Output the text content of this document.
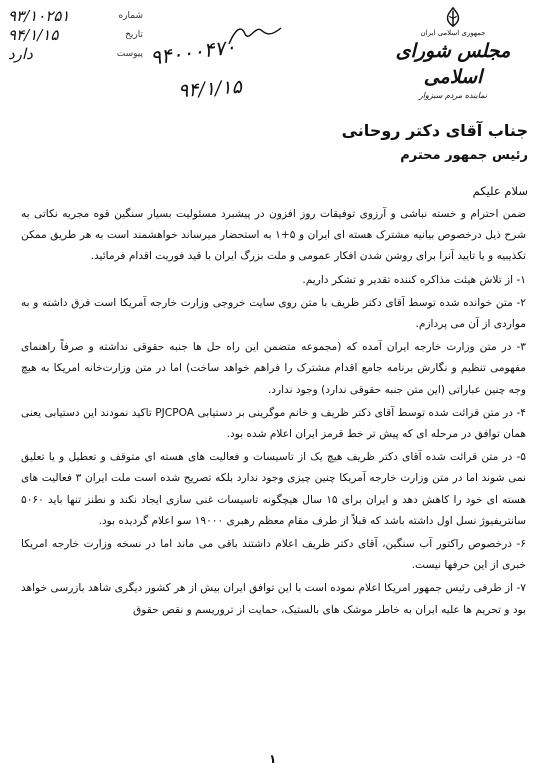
جمهوری اسلامی ایران
مجلس شورای اسلامی
نماینده مردم سبزوار
شماره
۹۳/۱۰۲۵۱
تاریخ
۹۴/۱/۱۵
پیوست
دارد	۹۴۰۰۰۴۷۰
۹۴/۱/۱۵
جناب آقای دکتر روحانی
رئیس جمهور محترم
سلام علیکم

ضمن احترام و خسته نباشی و آرزوی توفیقات روز افزون در پیشبرد مسئولیت بسیار سنگین قوه مجریه نکاتی به شرح ذیل درخصوص بیانیه مشترک هسته ای ایران و ۵+۱ به استحضار میرساند خواهشمند است به هر طریق ممکن تکذیبیه و یا تایید آنرا برای روشن شدن افکار عمومی و ملت بزرگ ایران با قید فوریت اقدام فرمائید.

۱- از تلاش هیئت مذاکره کننده تقدیر و تشکر داریم.

۲- متن خوانده شده توسط آقای دکتر ظریف با متن روی سایت خروجی وزارت خارجه آمریکا است فرق داشته و به مواردی از آن می پردازم.

۳- در متن وزارت خارجه ایران آمده که (مجموعه متضمن این راه حل ها جنبه حقوقی نداشته و صرفاً راهنمای مفهومی تنظیم و نگارش برنامه جامع اقدام مشترک را فراهم خواهد ساخت) اما در متن وزارت‌خانه امریکا به هیچ وجه چنین عباراتی (این متن جنبه حقوقی ندارد) وجود ندارد.

۴- در متن قرائت شده توسط آقای دکتر ظریف و خانم موگرینی بر دستیابی PJCPOA تاکید نمودند این دستیابی یعنی همان توافق در مرحله ای که پیش تر خط قرمز ایران اعلام شده بود.

۵- در متن قرائت شده آقای دکتر ظریف هیچ یک از تاسیسات و فعالیت های هسته ای متوقف و تعطیل و یا تعلیق نمی شوند اما در متن وزارت خارجه آمریکا چنین چیزی وجود ندارد بلکه تصریح شده است ملت ایران ۳ فعالیت های هسته ای خود را کاهش دهد و ایران برای ۱۵ سال هیچگونه تاسیسات غنی سازی ایجاد نکند و نطنز تنها باید ۵۰۶۰ سانتریفیوژ نسل اول داشته باشد که قبلاً از طرف مقام معظم رهبری ۱۹۰۰۰ سو اعلام گردیده بود.

۶- درخصوص راکتور آب سنگین، آقای دکتر ظریف اعلام داشتند باقی می ماند اما در نسخه وزارت خارجه امریکا خبری از این حرفها نیست.

۷- از طرفی رئیس جمهور امریکا اعلام نموده است با این توافق ایران بیش از هر کشور دیگری شاهد بازرسی خواهد بود و تحریم ها علیه ایران به خاطر موشک های بالستیک، حمایت از تروریسم و نقص حقوق

۱
